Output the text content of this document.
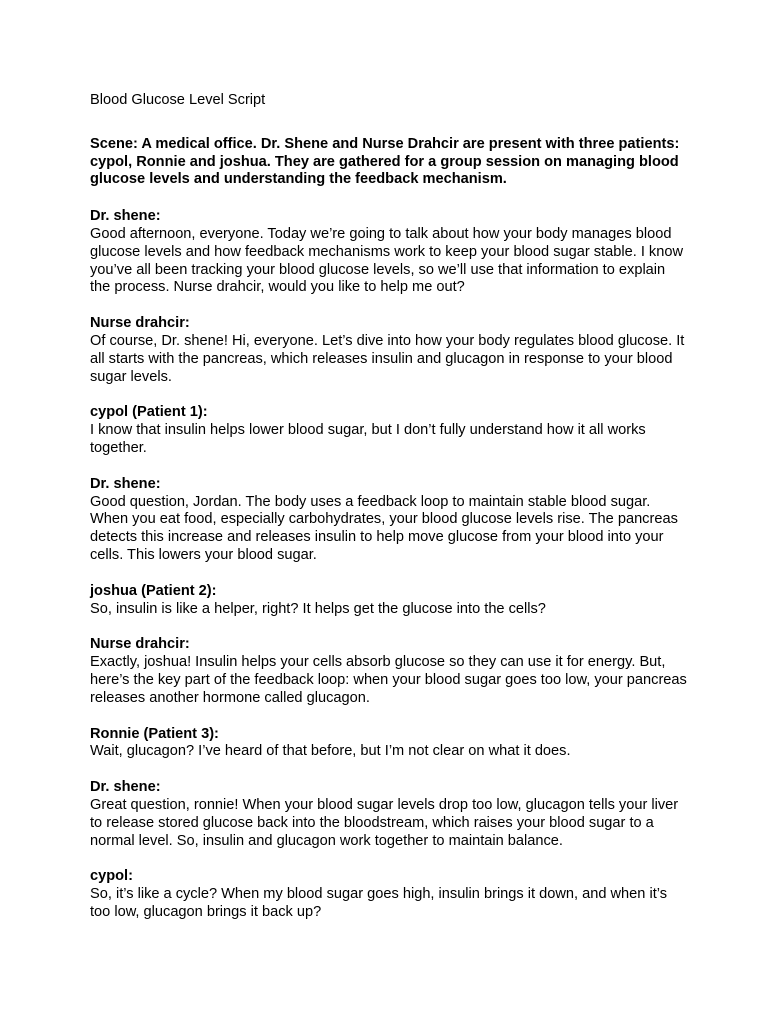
Blood Glucose Level Script
Scene: A medical office. Dr. Shene and Nurse Drahcir are present with three patients: cypol, Ronnie and joshua. They are gathered for a group session on managing blood glucose levels and understanding the feedback mechanism.
Dr. shene:
Good afternoon, everyone. Today we’re going to talk about how your body manages blood glucose levels and how feedback mechanisms work to keep your blood sugar stable. I know you’ve all been tracking your blood glucose levels, so we’ll use that information to explain the process. Nurse drahcir, would you like to help me out?
Nurse drahcir:
Of course, Dr. shene! Hi, everyone. Let’s dive into how your body regulates blood glucose. It all starts with the pancreas, which releases insulin and glucagon in response to your blood sugar levels.
cypol (Patient 1):
I know that insulin helps lower blood sugar, but I don’t fully understand how it all works together.
Dr. shene:
Good question, Jordan. The body uses a feedback loop to maintain stable blood sugar. When you eat food, especially carbohydrates, your blood glucose levels rise. The pancreas detects this increase and releases insulin to help move glucose from your blood into your cells. This lowers your blood sugar.
joshua (Patient 2):
So, insulin is like a helper, right? It helps get the glucose into the cells?
Nurse drahcir:
Exactly, joshua! Insulin helps your cells absorb glucose so they can use it for energy. But, here’s the key part of the feedback loop: when your blood sugar goes too low, your pancreas releases another hormone called glucagon.
Ronnie (Patient 3):
Wait, glucagon? I’ve heard of that before, but I’m not clear on what it does.
Dr. shene:
Great question, ronnie! When your blood sugar levels drop too low, glucagon tells your liver to release stored glucose back into the bloodstream, which raises your blood sugar to a normal level. So, insulin and glucagon work together to maintain balance.
cypol:
So, it’s like a cycle? When my blood sugar goes high, insulin brings it down, and when it’s too low, glucagon brings it back up?
